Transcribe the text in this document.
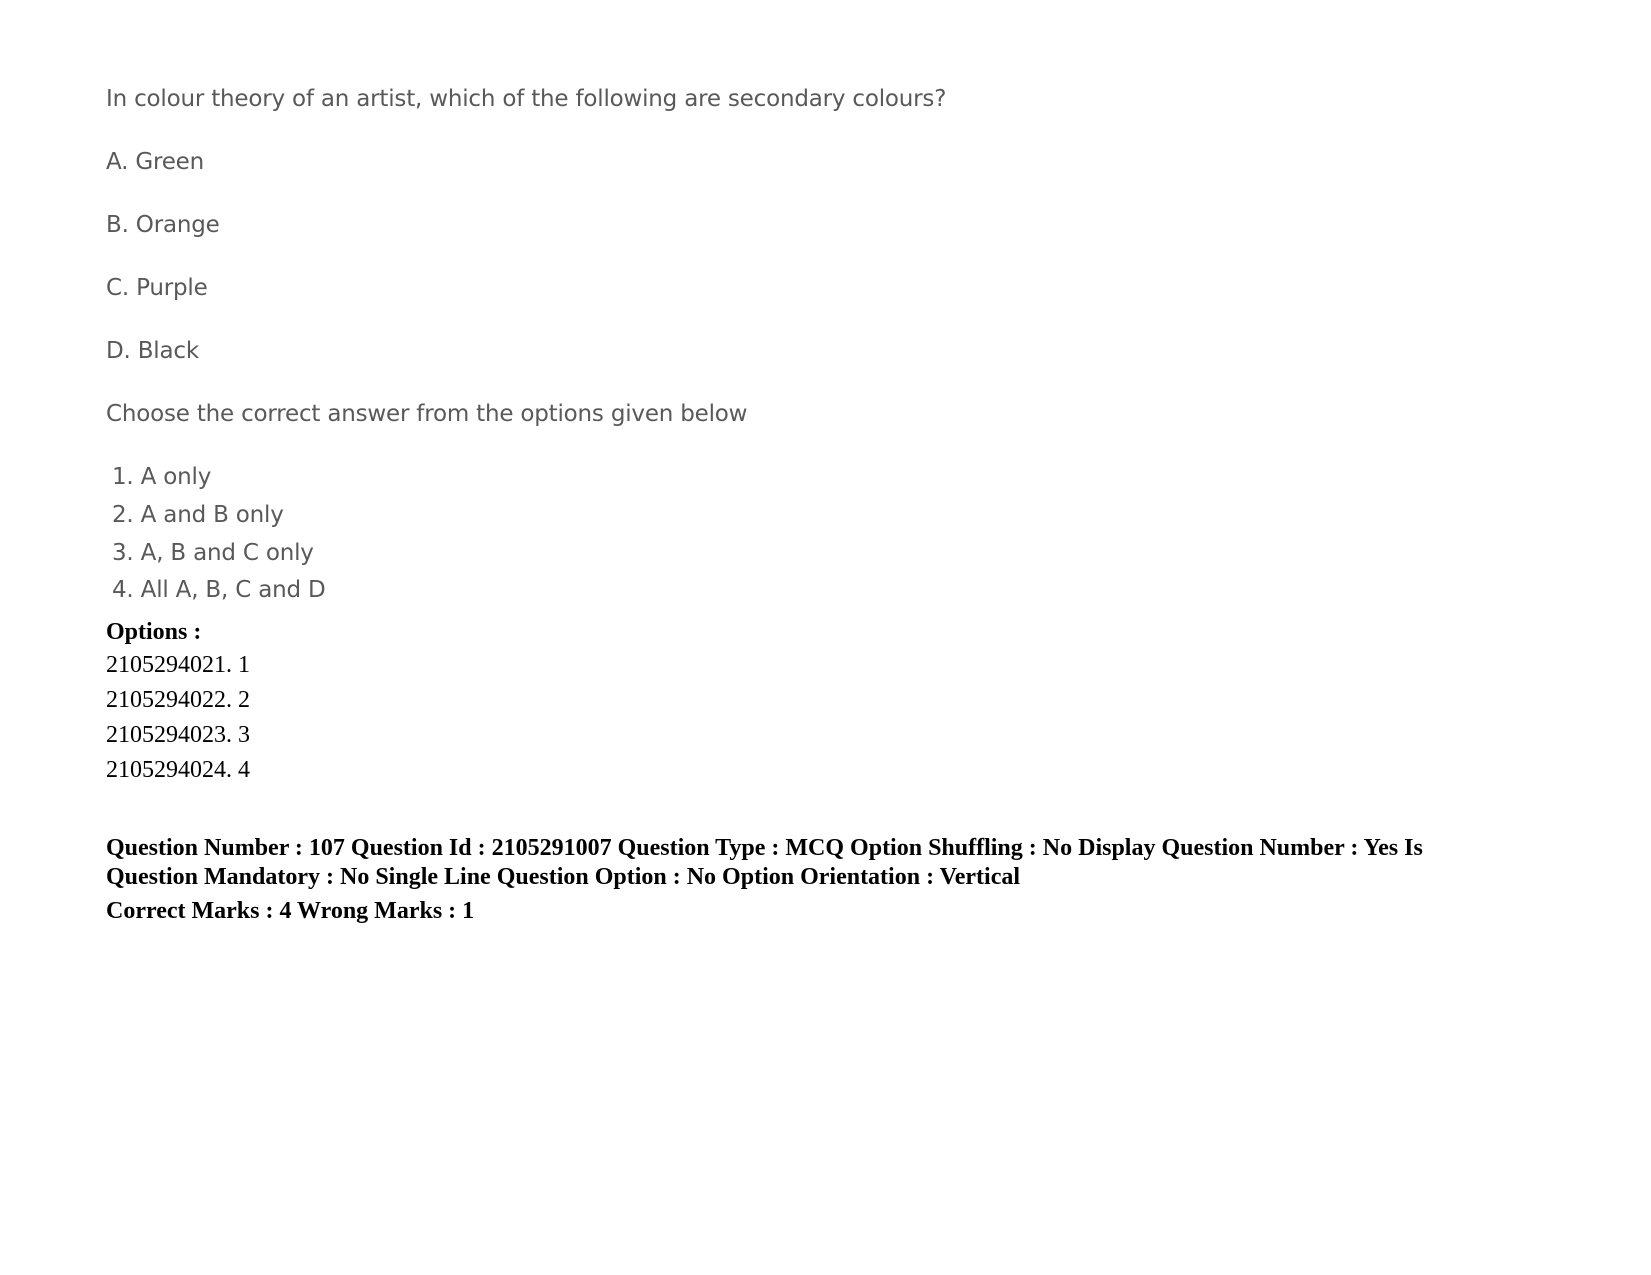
In colour theory of an artist, which of the following are secondary colours?
A. Green
B. Orange
C. Purple
D. Black
Choose the correct answer from the options given below
1. A only
2. A and B only
3. A, B and C only
4. All A, B, C and D
Options :
2105294021. 1
2105294022. 2
2105294023. 3
2105294024. 4
Question Number : 107 Question Id : 2105291007 Question Type : MCQ Option Shuffling : No Display Question Number : Yes Is
Question Mandatory : No Single Line Question Option : No Option Orientation : Vertical
Correct Marks : 4 Wrong Marks : 1
